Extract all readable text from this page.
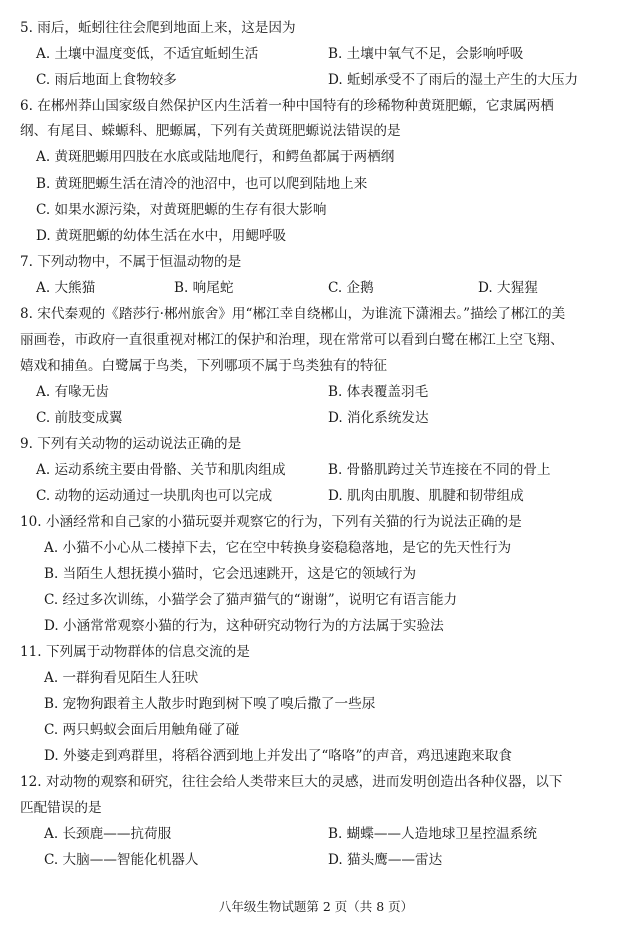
5. 雨后，蚯蚓往往会爬到地面上来，这是因为
A. 土壤中温度变低，不适宜蚯蚓生活	B. 土壤中氧气不足，会影响呼吸
C. 雨后地面上食物较多	D. 蚯蚓承受不了雨后的湿土产生的大压力
6. 在郴州莽山国家级自然保护区内生活着一种中国特有的珍稀物种黄斑肥螈，它隶属两栖
纲、有尾目、蝾螈科、肥螈属，下列有关黄斑肥螈说法错误的是
A. 黄斑肥螈用四肢在水底或陆地爬行，和鳄鱼都属于两栖纲
B. 黄斑肥螈生活在清冷的池沼中，也可以爬到陆地上来
C. 如果水源污染，对黄斑肥螈的生存有很大影响
D. 黄斑肥螈的幼体生活在水中，用鳃呼吸
7. 下列动物中，不属于恒温动物的是
A. 大熊猫	B. 响尾蛇	C. 企鹅	D. 大猩猩
8. 宋代秦观的《踏莎行·郴州旅舍》用“郴江幸自绕郴山，为谁流下潇湘去。”描绘了郴江的美
丽画卷，市政府一直很重视对郴江的保护和治理，现在常常可以看到白鹭在郴江上空飞翔、
嬉戏和捕鱼。白鹭属于鸟类，下列哪项不属于鸟类独有的特征
A. 有喙无齿	B. 体表覆盖羽毛
C. 前肢变成翼	D. 消化系统发达
9. 下列有关动物的运动说法正确的是
A. 运动系统主要由骨骼、关节和肌肉组成	B. 骨骼肌跨过关节连接在不同的骨上
C. 动物的运动通过一块肌肉也可以完成	D. 肌肉由肌腹、肌腱和韧带组成
10. 小涵经常和自己家的小猫玩耍并观察它的行为，下列有关猫的行为说法正确的是
A. 小猫不小心从二楼掉下去，它在空中转换身姿稳稳落地，是它的先天性行为
B. 当陌生人想抚摸小猫时，它会迅速跳开，这是它的领域行为
C. 经过多次训练，小猫学会了猫声猫气的“谢谢”，说明它有语言能力
D. 小涵常常观察小猫的行为，这种研究动物行为的方法属于实验法
11. 下列属于动物群体的信息交流的是
A. 一群狗看见陌生人狂吠
B. 宠物狗跟着主人散步时跑到树下嗅了嗅后撒了一些尿
C. 两只蚂蚁会面后用触角碰了碰
D. 外婆走到鸡群里，将稻谷洒到地上并发出了“咯咯”的声音，鸡迅速跑来取食
12. 对动物的观察和研究，往往会给人类带来巨大的灵感，进而发明创造出各种仪器，以下
匹配错误的是
A. 长颈鹿——抗荷服	B. 蝴蝶——人造地球卫星控温系统
C. 大脑——智能化机器人	D. 猫头鹰——雷达
八年级生物试题第 2 页（共 8 页）
